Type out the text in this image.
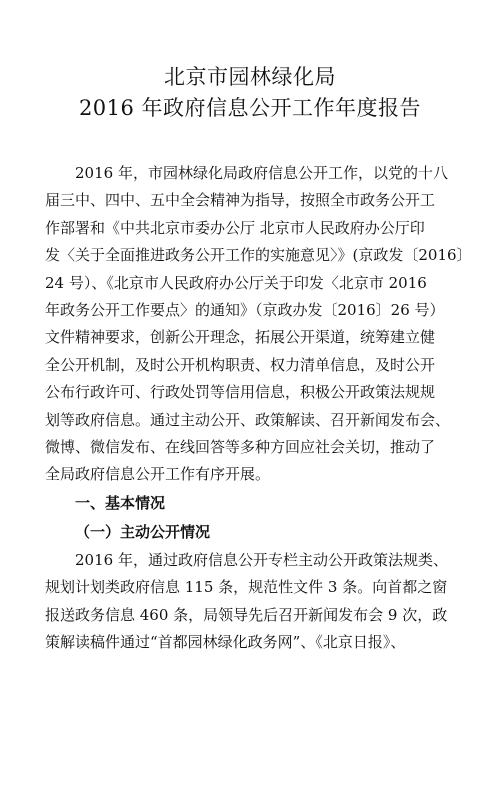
北京市园林绿化局
2016 年政府信息公开工作年度报告
2016 年，市园林绿化局政府信息公开工作，以党的十八
届三中、四中、五中全会精神为指导，按照全市政务公开工
作部署和《中共北京市委办公厅 北京市人民政府办公厅印
发〈关于全面推进政务公开工作的实施意见〉》(京政发〔2016〕
24 号）、《北京市人民政府办公厅关于印发〈北京市 2016
年政务公开工作要点〉的通知》（京政办发〔2016〕26 号）
文件精神要求，创新公开理念，拓展公开渠道，统筹建立健
全公开机制，及时公开机构职责、权力清单信息，及时公开
公布行政许可、行政处罚等信用信息，积极公开政策法规规
划等政府信息。通过主动公开、政策解读、召开新闻发布会、
微博、微信发布、在线回答等多种方回应社会关切，推动了
全局政府信息公开工作有序开展。
一、基本情况
（一）主动公开情况
2016 年，通过政府信息公开专栏主动公开政策法规类、
规划计划类政府信息 115 条，规范性文件 3 条。向首都之窗
报送政务信息 460 条，局领导先后召开新闻发布会 9 次，政
策解读稿件通过“首都园林绿化政务网”、《北京日报》、
